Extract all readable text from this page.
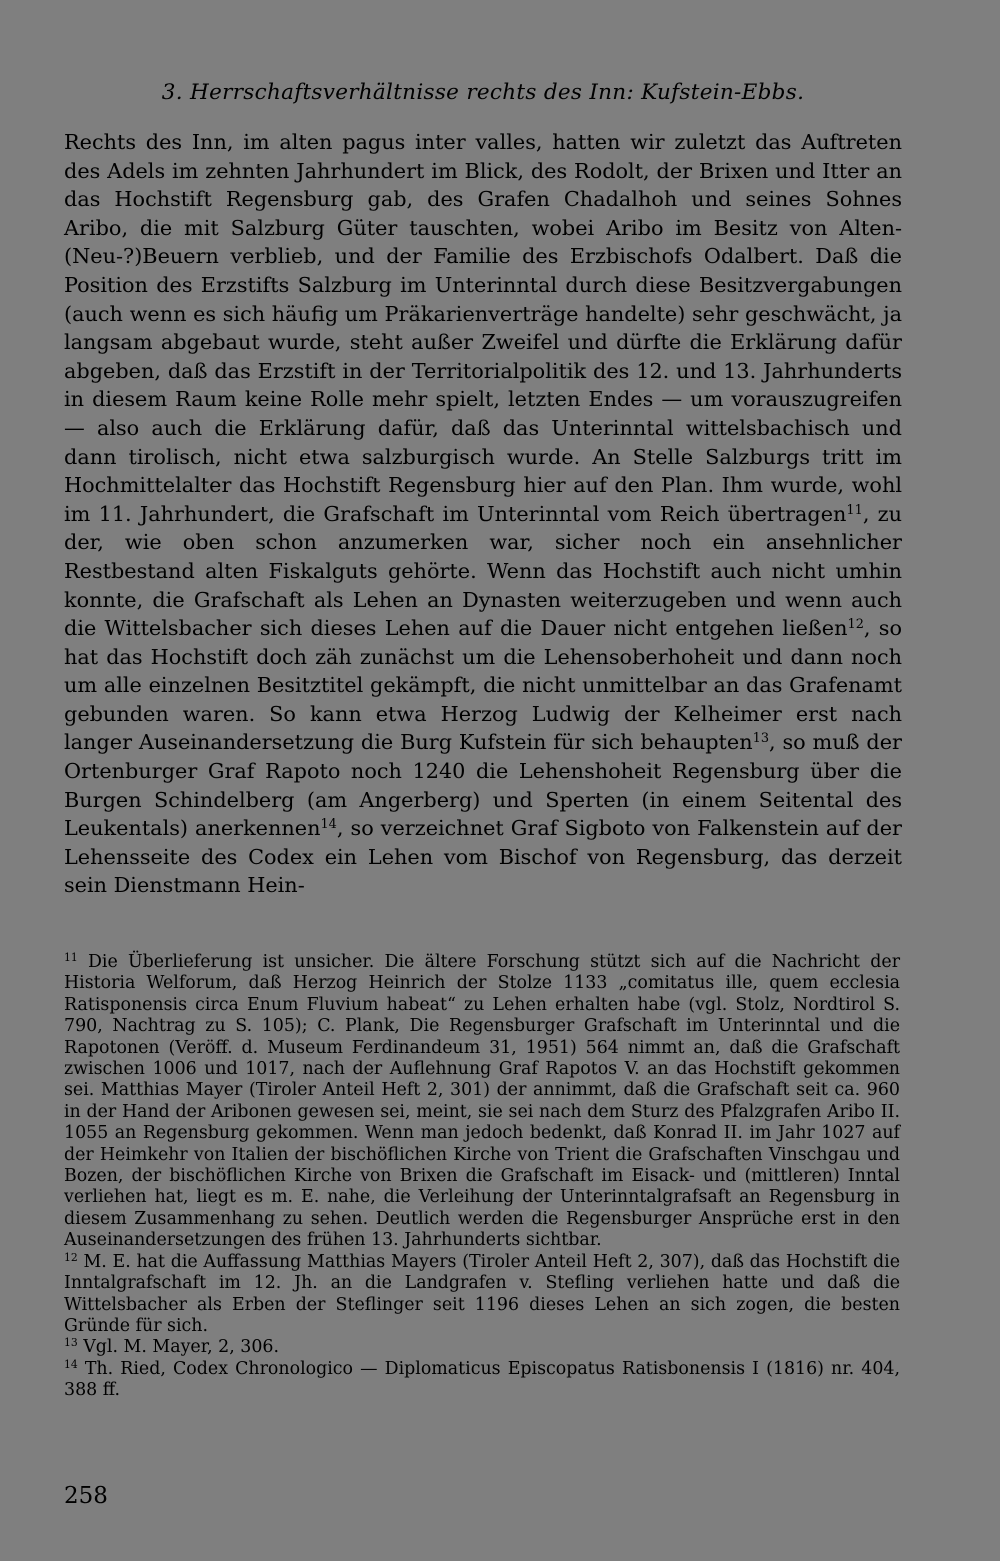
3. Herrschaftsverhältnisse rechts des Inn: Kufstein-Ebbs.

Rechts des Inn, im alten pagus inter valles, hatten wir zuletzt das Auftreten des Adels im zehnten Jahrhundert im Blick, des Rodolt, der Brixen und Itter an das Hochstift Regensburg gab, des Grafen Chadalhoh und seines Sohnes Aribo, die mit Salzburg Güter tauschten, wobei Aribo im Besitz von Alten-(Neu-?)Beuern verblieb, und der Familie des Erzbischofs Odalbert. Daß die Position des Erzstifts Salzburg im Unterinntal durch diese Besitzvergabungen (auch wenn es sich häufig um Präkarienverträge handelte) sehr geschwächt, ja langsam abgebaut wurde, steht außer Zweifel und dürfte die Erklärung dafür abgeben, daß das Erzstift in der Territorialpolitik des 12. und 13. Jahrhunderts in diesem Raum keine Rolle mehr spielt, letzten Endes — um vorauszugreifen — also auch die Erklärung dafür, daß das Unterinntal wittelsbachisch und dann tirolisch, nicht etwa salzburgisch wurde. An Stelle Salzburgs tritt im Hochmittelalter das Hochstift Regensburg hier auf den Plan. Ihm wurde, wohl im 11. Jahrhundert, die Grafschaft im Unterinntal vom Reich übertragen$^{11}$, zu der, wie oben schon anzumerken war, sicher noch ein ansehnlicher Restbestand alten Fiskalguts gehörte. Wenn das Hochstift auch nicht umhin konnte, die Grafschaft als Lehen an Dynasten weiterzugeben und wenn auch die Wittelsbacher sich dieses Lehen auf die Dauer nicht entgehen ließen$^{12}$, so hat das Hochstift doch zäh zunächst um die Lehensoberhoheit und dann noch um alle einzelnen Besitztitel gekämpft, die nicht unmittelbar an das Grafenamt gebunden waren. So kann etwa Herzog Ludwig der Kelheimer erst nach langer Auseinandersetzung die Burg Kufstein für sich behaupten$^{13}$, so muß der Ortenburger Graf Rapoto noch 1240 die Lehenshoheit Regensburg über die Burgen Schindelberg (am Angerberg) und Sperten (in einem Seitental des Leukentals) anerkennen$^{14}$, so verzeichnet Graf Sigboto von Falkenstein auf der Lehensseite des Codex ein Lehen vom Bischof von Regensburg, das derzeit sein Dienstmann Hein-

$^{11}$ Die Überlieferung ist unsicher. Die ältere Forschung stützt sich auf die Nachricht der Historia Welforum, daß Herzog Heinrich der Stolze 1133 „comitatus ille, quem ecclesia Ratisponensis circa Enum Fluvium habeat“ zu Lehen erhalten habe (vgl. Stolz, Nordtirol S. 790, Nachtrag zu S. 105); C. Plank, Die Regensburger Grafschaft im Unterinntal und die Rapotonen (Veröff. d. Museum Ferdinandeum 31, 1951) 564 nimmt an, daß die Grafschaft zwischen 1006 und 1017, nach der Auflehnung Graf Rapotos V. an das Hochstift gekommen sei. Matthias Mayer (Tiroler Anteil Heft 2, 301) der annimmt, daß die Grafschaft seit ca. 960 in der Hand der Aribonen gewesen sei, meint, sie sei nach dem Sturz des Pfalzgrafen Aribo II. 1055 an Regensburg gekommen. Wenn man jedoch bedenkt, daß Konrad II. im Jahr 1027 auf der Heimkehr von Italien der bischöflichen Kirche von Trient die Grafschaften Vinschgau und Bozen, der bischöflichen Kirche von Brixen die Grafschaft im Eisack- und (mittleren) Inntal verliehen hat, liegt es m. E. nahe, die Verleihung der Unterinntalgrafsaft an Regensburg in diesem Zusammenhang zu sehen. Deutlich werden die Regensburger Ansprüche erst in den Auseinandersetzungen des frühen 13. Jahrhunderts sichtbar.

$^{12}$ M. E. hat die Auffassung Matthias Mayers (Tiroler Anteil Heft 2, 307), daß das Hochstift die Inntalgrafschaft im 12. Jh. an die Landgrafen v. Stefling verliehen hatte und daß die Wittelsbacher als Erben der Steflinger seit 1196 dieses Lehen an sich zogen, die besten Gründe für sich.

$^{13}$ Vgl. M. Mayer, 2, 306.

$^{14}$ Th. Ried, Codex Chronologico — Diplomaticus Episcopatus Ratisbonensis I (1816) nr. 404, 388 ff.

258
